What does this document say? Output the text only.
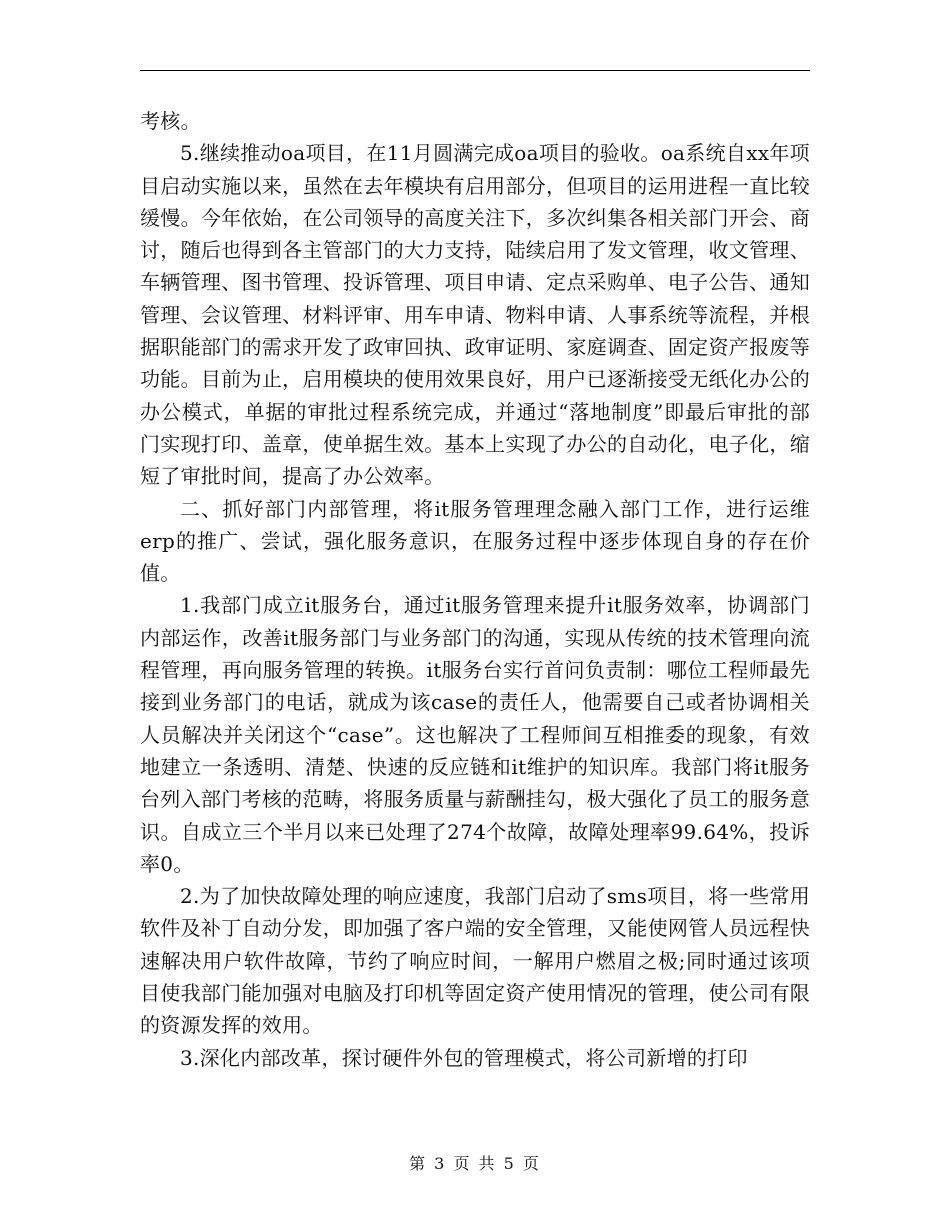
考核。

5.继续推动oa项目，在11月圆满完成oa项目的验收。oa系统自xx年项目启动实施以来，虽然在去年模块有启用部分，但项目的运用进程一直比较缓慢。今年依始，在公司领导的高度关注下，多次纠集各相关部门开会、商讨，随后也得到各主管部门的大力支持，陆续启用了发文管理，收文管理、车辆管理、图书管理、投诉管理、项目申请、定点采购单、电子公告、通知管理、会议管理、材料评审、用车申请、物料申请、人事系统等流程，并根据职能部门的需求开发了政审回执、政审证明、家庭调查、固定资产报废等功能。目前为止，启用模块的使用效果良好，用户已逐渐接受无纸化办公的办公模式，单据的审批过程系统完成，并通过“落地制度”即最后审批的部门实现打印、盖章，使单据生效。基本上实现了办公的自动化，电子化，缩短了审批时间，提高了办公效率。

二、抓好部门内部管理，将it服务管理理念融入部门工作，进行运维erp的推广、尝试，强化服务意识，在服务过程中逐步体现自身的存在价值。

1.我部门成立it服务台，通过it服务管理来提升it服务效率，协调部门内部运作，改善it服务部门与业务部门的沟通，实现从传统的技术管理向流程管理，再向服务管理的转换。it服务台实行首问负责制：哪位工程师最先接到业务部门的电话，就成为该case的责任人，他需要自己或者协调相关人员解决并关闭这个“case”。这也解决了工程师间互相推委的现象，有效地建立一条透明、清楚、快速的反应链和it维护的知识库。我部门将it服务台列入部门考核的范畴，将服务质量与薪酬挂勾，极大强化了员工的服务意识。自成立三个半月以来已处理了274个故障，故障处理率99.64%，投诉率0。

2.为了加快故障处理的响应速度，我部门启动了sms项目，将一些常用软件及补丁自动分发，即加强了客户端的安全管理，又能使网管人员远程快速解决用户软件故障，节约了响应时间，一解用户燃眉之极;同时通过该项目使我部门能加强对电脑及打印机等固定资产使用情况的管理，使公司有限的资源发挥的效用。

3.深化内部改革，探讨硬件外包的管理模式，将公司新增的打印

第 3 页 共 5 页
